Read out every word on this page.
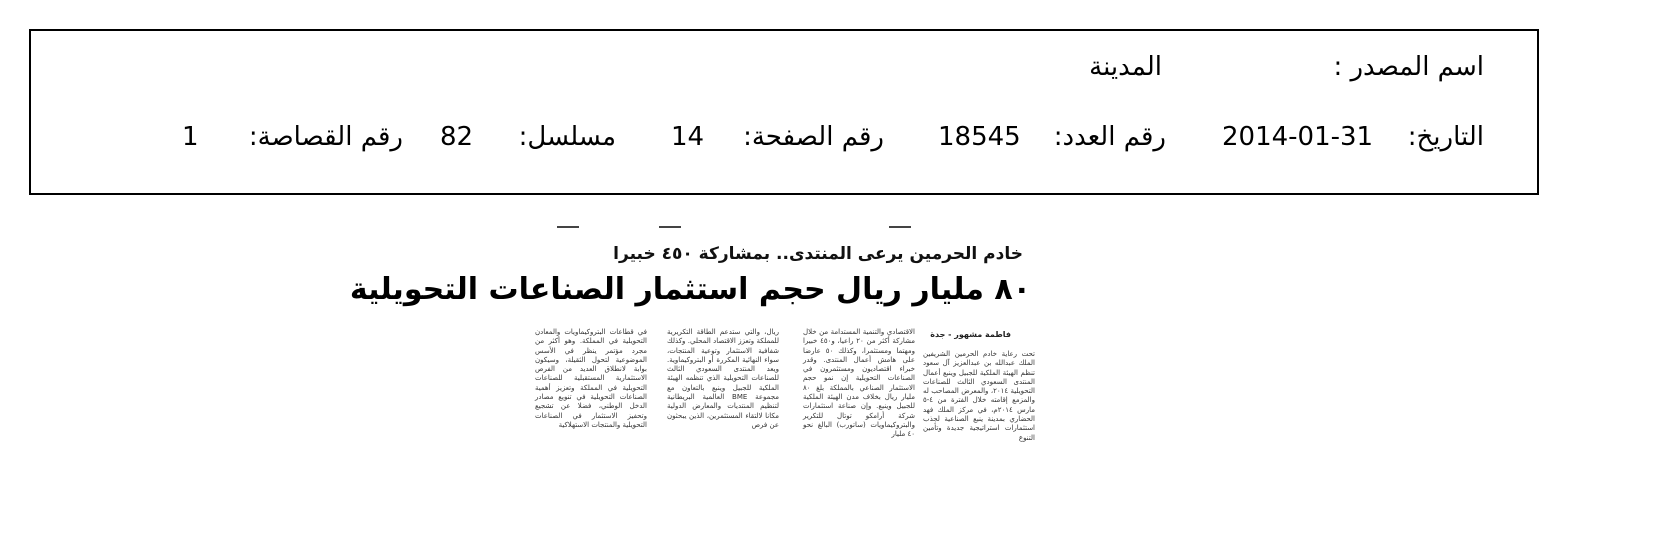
اسم المصدر :
المدينة
التاريخ:
2014-01-31
رقم العدد:
18545
رقم الصفحة:
14
مسلسل:
82
رقم القصاصة:
1
خادم الحرمين يرعى المنتدى.. بمشاركة ٤٥٠ خبيرا
٨٠ مليار ريال حجم استثمار الصناعات التحويلية
فاطمة مشهور - جدة
تحت رعاية خادم الحرمين الشريفين الملك عبدالله بن عبدالعزيز آل سعود تنظم الهيئة الملكية للجبيل وينبع أعمال المنتدى السعودي الثالث للصناعات التحويلية ٢٠١٤، والمعرض المصاحب له والمزمع إقامته خلال الفترة من ٤-٥ مارس ٢٠١٤م، في مركز الملك فهد الحضاري بمدينة ينبع الصناعية لجذب استثمارات استراتيجية جديدة وتأمين التنوع
الاقتصادي والتنمية المستدامة من خلال مشاركة أكثر من ٢٠ راعيا، و٤٥٠ خبيرا ومهتما ومستثمرا، وكذلك ٥٠ عارضا على هامش أعمال المنتدى. وقدر خبراء اقتصاديون ومستثمرون في الصناعات التحويلية إن نمو حجم الاستثمار الصناعي بالمملكة بلغ ٨٠ مليار ريال بخلاف مدن الهيئة الملكية للجبيل وينبع. وإن صناعة استثمارات شركة أرامكو توتال للتكرير والبتروكيماويات (ساتورب) البالغ نحو ٤٠ مليار
ريال، والتي ستدعم الطاقة التكريرية للمملكة وتعزز الاقتصاد المحلي. وكذلك شفافية الاستثمار وتوعية المنتجات، سواء النهائية المكررة أو البتروكيماوية. ويعد المنتدى السعودي الثالث للصناعات التحويلية الذي تنظمه الهيئة الملكية للجبيل وينبع بالتعاون مع مجموعة BME العالمية البريطانية لتنظيم المنتديات والمعارض الدولية مكانا لالتقاء المستثمرين، الذين يبحثون عن فرص
في قطاعات البتروكيماويات والمعادن التحويلية في المملكة. وهو أكثر من مجرد مؤتمر ينظر في الأسس الموضوعية لتحول الثقيلة، وسيكون بوابة لانطلاق العديد من الفرص الاستثمارية المستقبلية للصناعات التحويلية في المملكة وتعزيز أهمية الصناعات التحويلية في تنويع مصادر الدخل الوطني، فضلا عن تشجيع وتحفيز الاستثمار في الصناعات التحويلية والمنتجات الاستهلاكية
